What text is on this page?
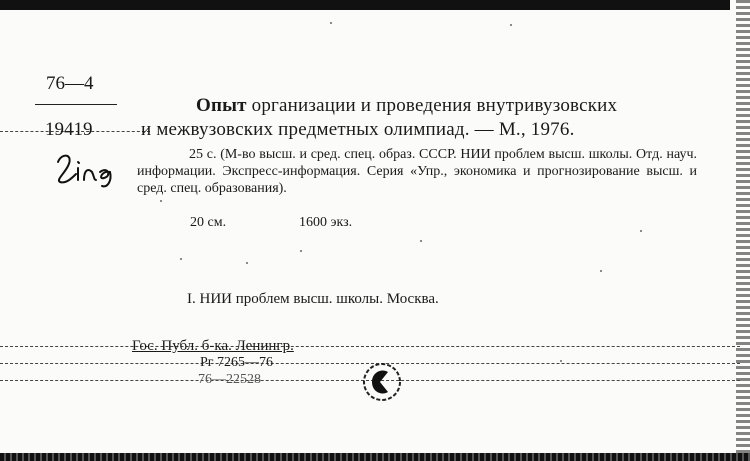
76—4
19419
Опыт организации и проведения внутривузовских
и межвузовских предметных олимпиад. — М., 1976.
25 с. (М-во высш. и сред. спец. образ. СССР. НИИ проблем высш. школы. Отд. науч. информации. Экспресс-информация. Серия «Упр., экономика и прогнозирование высш. и сред. спец. образования).
20 см.	1600 экз.
I. НИИ проблем высш. школы. Москва.
Гос. Публ. б-ка. Ленингр.
Рг 7265—76
76—22528
